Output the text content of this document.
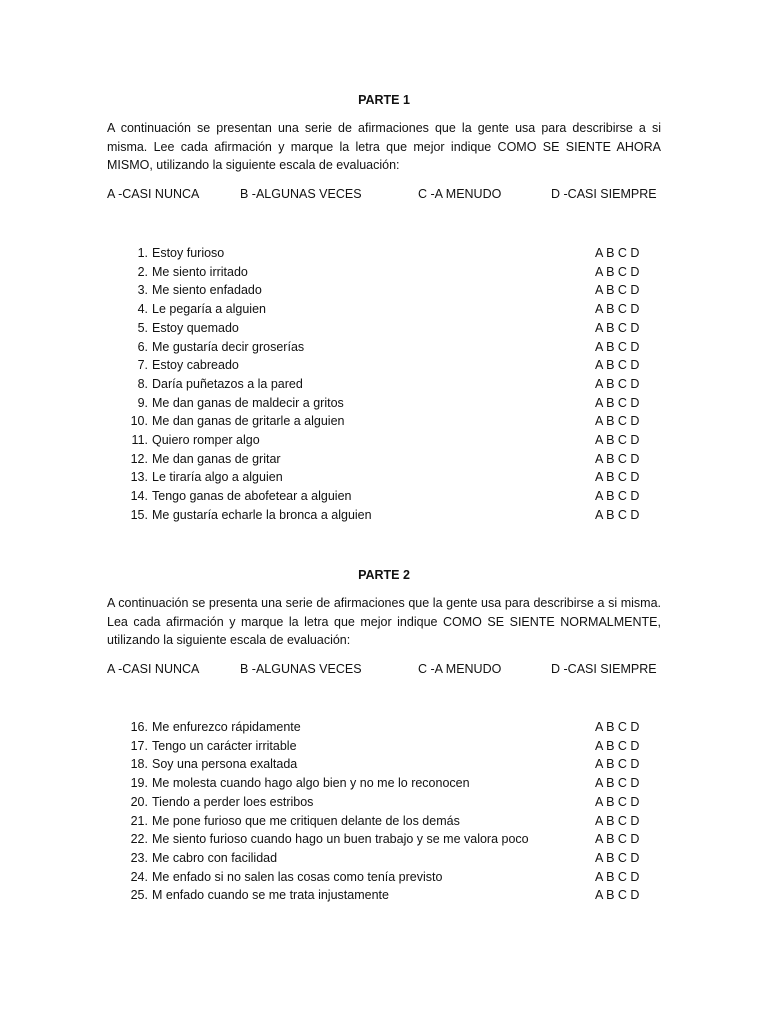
PARTE 1

A continuación se presentan una serie de afirmaciones que la gente usa para describirse a si misma. Lee cada afirmación y marque la letra que mejor indique COMO SE SIENTE AHORA MISMO, utilizando la siguiente escala de evaluación:

A -CASI NUNCA	B -ALGUNAS VECES	C -A MENUDO	D -CASI SIEMPRE
1. Estoy furioso	A B C D
2. Me siento irritado	A B C D
3. Me siento enfadado	A B C D
4. Le pegaría a alguien	A B C D
5. Estoy quemado	A B C D
6. Me gustaría decir groserías	A B C D
7. Estoy cabreado	A B C D
8. Daría puñetazos a la pared	A B C D
9. Me dan ganas de maldecir a gritos	A B C D
10. Me dan ganas de gritarle a alguien	A B C D
11. Quiero romper algo	A B C D
12. Me dan ganas de gritar	A B C D
13. Le tiraría algo a alguien	A B C D
14. Tengo ganas de abofetear a alguien	A B C D
15. Me gustaría echarle la bronca a alguien	A B C D
PARTE 2

A continuación se presenta una serie de afirmaciones que la gente usa para describirse a si misma. Lea cada afirmación y marque la letra que mejor indique COMO SE SIENTE NORMALMENTE, utilizando la siguiente escala de evaluación:

A -CASI NUNCA	B -ALGUNAS VECES	C -A MENUDO	D -CASI SIEMPRE
16. Me enfurezco rápidamente	A B C D
17. Tengo un carácter irritable	A B C D
18. Soy una persona exaltada	A B C D
19. Me molesta cuando hago algo bien y no me lo reconocen	A B C D
20. Tiendo a perder loes estribos	A B C D
21. Me pone furioso que me critiquen delante de los demás	A B C D
22. Me siento furioso cuando hago un buen trabajo y se me valora poco	A B C D
23. Me cabro con facilidad	A B C D
24. Me enfado si no salen las cosas como tenía previsto	A B C D
25. M enfado cuando se me trata injustamente	A B C D
